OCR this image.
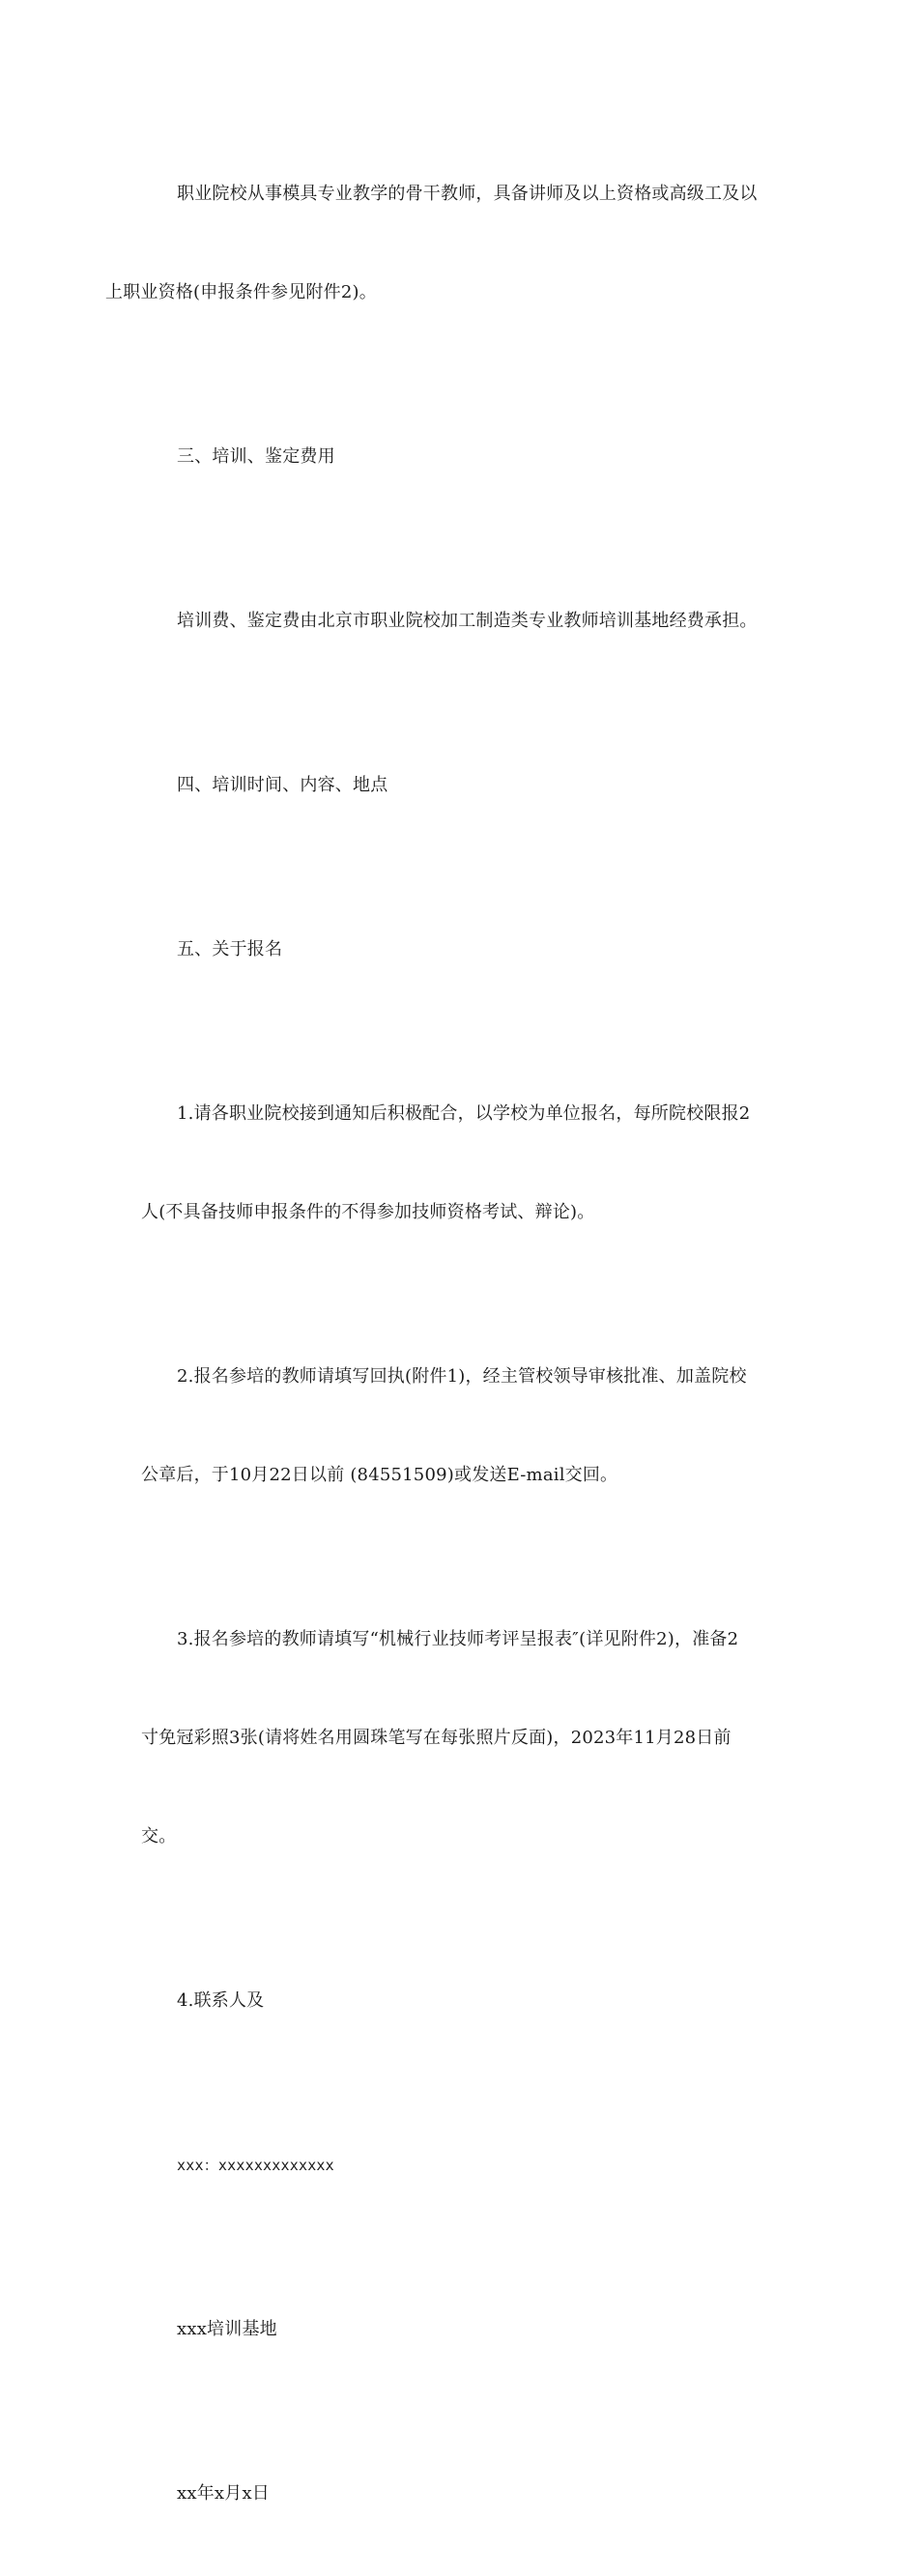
职业院校从事模具专业教学的骨干教师，具备讲师及以上资格或高级工及以

上职业资格(申报条件参见附件2)。

三、培训、鉴定费用

培训费、鉴定费由北京市职业院校加工制造类专业教师培训基地经费承担。

四、培训时间、内容、地点

五、关于报名

1.请各职业院校接到通知后积极配合，以学校为单位报名，每所院校限报2

人(不具备技师申报条件的不得参加技师资格考试、辩论)。

2.报名参培的教师请填写回执(附件1)，经主管校领导审核批准、加盖院校

公章后，于10月22日以前 (84551509)或发送E-mail交回。

3.报名参培的教师请填写“机械行业技师考评呈报表″(详见附件2)，准备2

寸免冠彩照3张(请将姓名用圆珠笔写在每张照片反面)，2023年11月28日前

交。

4.联系人及

xxx：xxxxxxxxxxxxx

xxx培训基地

xx年x月x日
